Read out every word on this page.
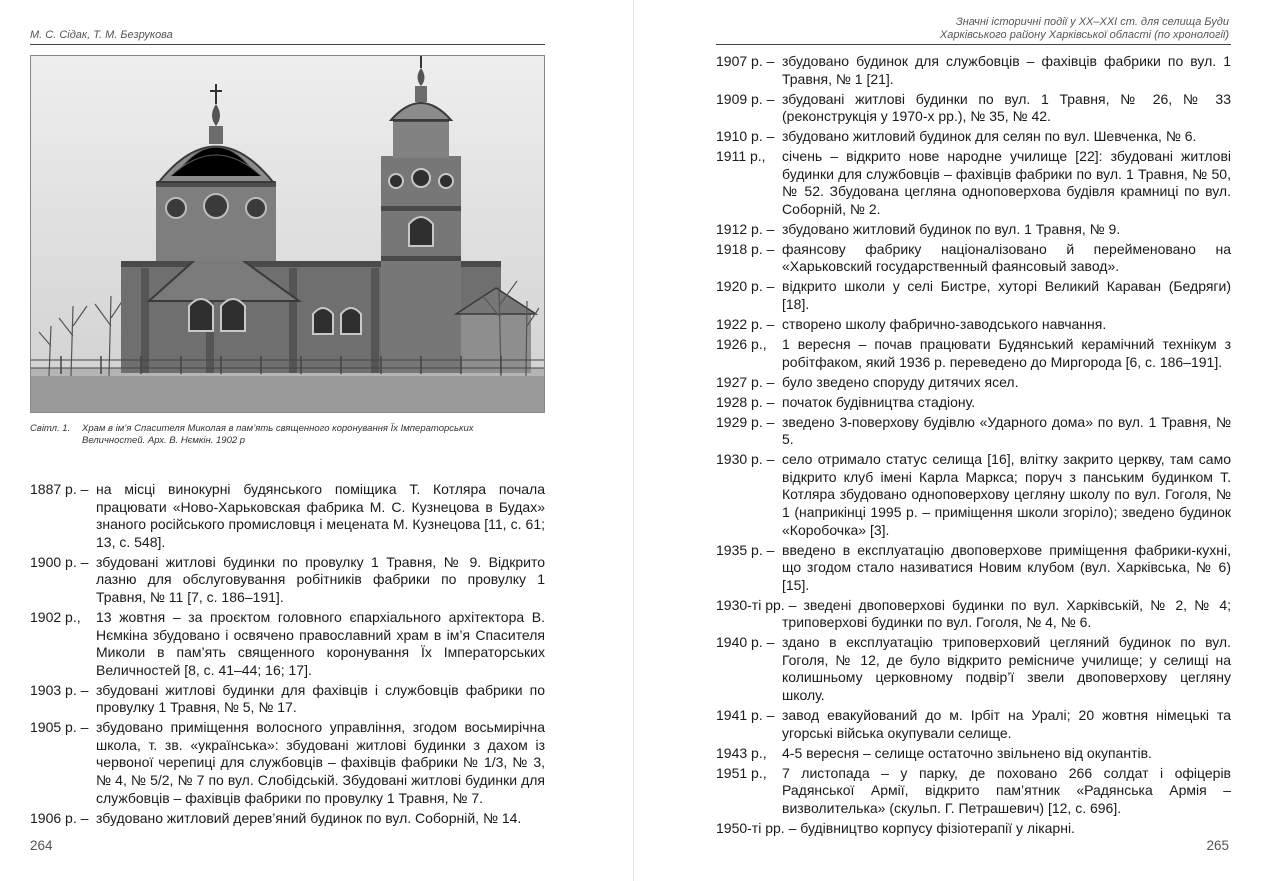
М. С. Сідак, Т. М. Безрукова
Світл. 1. Храм в ім’я Спасителя Миколая в пам’ять священного коронування Їх Імператорських
Величностей. Арх. В. Нємкін. 1902 р
1887 р. – на місці винокурні будянського поміщика Т. Котляра почала працювати «Ново-Харьковская фабрика М. С. Кузнецова в Будах» знаного російського промисловця і мецената М. Кузнецова [11, с. 61; 13, с. 548].
1900 р. – збудовані житлові будинки по провулку 1 Травня, № 9. Відкрито лазню для обслуговування робітників фабрики по провулку 1 Травня, № 11 [7, с. 186–191].
1902 р., 13 жовтня – за проєктом головного єпархіального архітектора В. Нємкіна збудовано і освячено православний храм в ім’я Спасителя Миколи в пам’ять священного коронування Їх Імператорських Величностей [8, с. 41–44; 16; 17].
1903 р. – збудовані житлові будинки для фахівців і службовців фабрики по провулку 1 Травня, № 5, № 17.
1905 р. – збудовано приміщення волосного управління, згодом восьмирічна школа, т. зв. «українська»: збудовані житлові будинки з дахом із червоної черепиці для службовців – фахівців фабрики № 1/3, № 3, № 4, № 5/2, № 7 по вул. Слобідській. Збудовані житлові будинки для службовців – фахівців фабрики по провулку 1 Травня, № 7.
1906 р. – збудовано житловий дерев’яний будинок по вул. Соборній, № 14.
264
Значні історичні події у XX–XXI ст. для селища Буди
Харківського району Харківської області (по хронології)
1907 р. – збудовано будинок для службовців – фахівців фабрики по вул. 1 Травня, № 1 [21].
1909 р. – збудовані житлові будинки по вул. 1 Травня, № 26, № 33 (реконструкція у 1970-х рр.), № 35, № 42.
1910 р. – збудовано житловий будинок для селян по вул. Шевченка, № 6.
1911 р., січень – відкрито нове народне училище [22]: збудовані житлові будинки для службовців – фахівців фабрики по вул. 1 Травня, № 50, № 52. Збудована цегляна одноповерхова будівля крамниці по вул. Соборній, № 2.
1912 р. – збудовано житловий будинок по вул. 1 Травня, № 9.
1918 р. – фаянсову фабрику націоналізовано й перейменовано на «Харьковский государственный фаянсовый завод».
1920 р. – відкрито школи у селі Бистре, хуторі Великий Караван (Бедряги) [18].
1922 р. – створено школу фабрично-заводського навчання.
1926 р., 1 вересня – почав працювати Будянський керамічний технікум з робітфаком, який 1936 р. переведено до Миргорода [6, с. 186–191].
1927 р. – було зведено споруду дитячих ясел.
1928 р. – початок будівництва стадіону.
1929 р. – зведено 3-поверхову будівлю «Ударного дома» по вул. 1 Травня, № 5.
1930 р. – село отримало статус селища [16], влітку закрито церкву, там само відкрито клуб імені Карла Маркса; поруч з панським будинком Т. Котляра збудовано одноповерхову цегляну школу по вул. Гоголя, № 1 (наприкінці 1995 р. – приміщення школи згоріло); зведено будинок «Коробочка» [3].
1935 р. – введено в експлуатацію двоповерхове приміщення фабрики-кухні, що згодом стало називатися Новим клубом (вул. Харківська, № 6) [15].
1930-ті рр. – зведені двоповерхові будинки по вул. Харківській, № 2, № 4; триповерхові будинки по вул. Гоголя, № 4, № 6.
1940 р. – здано в експлуатацію триповерховий цегляний будинок по вул. Гоголя, № 12, де було відкрито ремісниче училище; у селищі на колишньому церковному подвір’ї звели двоповерхову цегляну школу.
1941 р. – завод евакуйований до м. Ірбіт на Уралі; 20 жовтня німецькі та угорські війська окупували селище.
1943 р., 4-5 вересня – селище остаточно звільнено від окупантів.
1951 р., 7 листопада – у парку, де поховано 266 солдат і офіцерів Радянської Армії, відкрито пам’ятник «Радянська Армія – визволителька» (скульп. Г. Петрашевич) [12, с. 696].
1950-ті рр. – будівництво корпусу фізіотерапії у лікарні.
265
